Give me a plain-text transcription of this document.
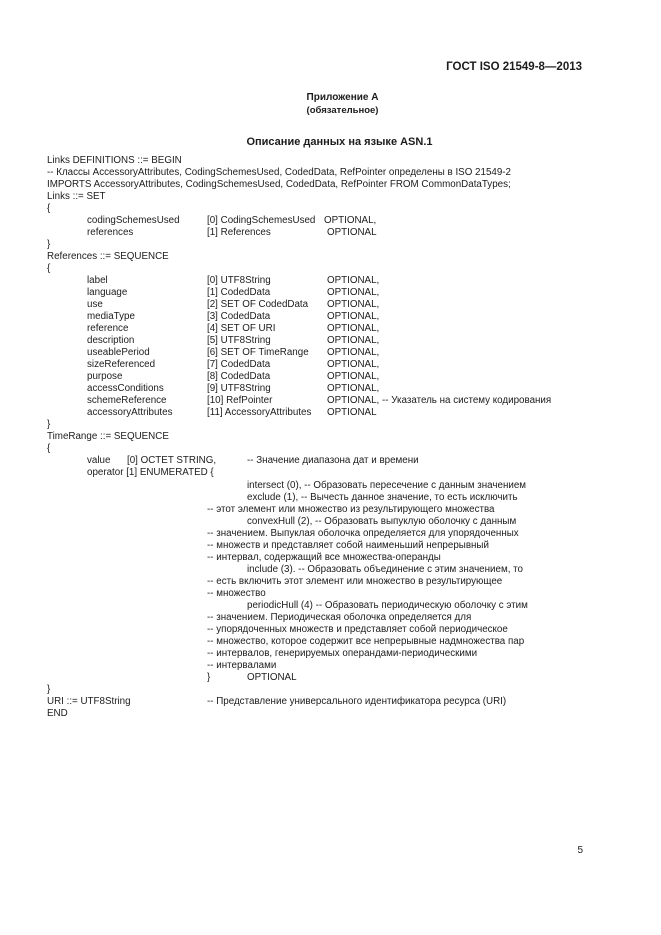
ГОСТ ISO 21549-8—2013
Приложение А
(обязательное)
Описание данных на языке ASN.1
Links DEFINITIONS ::= BEGIN
-- Классы AccessoryAttributes, CodingSchemesUsed, CodedData, RefPointer определены в ISO 21549-2
IMPORTS AccessoryAttributes, CodingSchemesUsed, CodedData, RefPointer FROM CommonDataTypes;
Links ::= SET
{
codingSchemesUsed	[0] CodingSchemesUsed OPTIONAL,
references	[1] References	OPTIONAL
}
References ::= SEQUENCE
{
label	[0] UTF8String	OPTIONAL,
language	[1] CodedData	OPTIONAL,
use	[2] SET OF CodedData OPTIONAL,
mediaType	[3] CodedData	OPTIONAL,
reference	[4] SET OF URI	OPTIONAL,
description	[5] UTF8String	OPTIONAL,
useablePeriod	[6] SET OF TimeRange OPTIONAL,
sizeReferenced	[7] CodedData	OPTIONAL,
purpose	[8] CodedData	OPTIONAL,
accessConditions	[9] UTF8String	OPTIONAL,
schemeReference	[10] RefPointer	OPTIONAL, -- Указатель на систему кодирования
accessoryAttributes	[11] AccessoryAttributes OPTIONAL
}
TimeRange ::= SEQUENCE
{
value [0] OCTET STRING,	-- Значение диапазона дат и времени
operator [1] ENUMERATED {
intersect (0), -- Образовать пересечение с данным значением
exclude (1), -- Вычесть данное значение, то есть исключить
-- этот элемент или множество из результирующего множества
convexHull (2), -- Образовать выпуклую оболочку с данным
-- значением. Выпуклая оболочка определяется для упорядоченных
-- множеств и представляет собой наименьший непрерывный
-- интервал, содержащий все множества-операнды
include (3). -- Образовать объединение с этим значением, то
-- есть включить этот элемент или множество в результирующее
-- множество
periodicHull (4) -- Образовать периодическую оболочку с этим
-- значением. Периодическая оболочка определяется для
-- упорядоченных множеств и представляет собой периодическое
-- множество, которое содержит все непрерывные надмножества пар
-- интервалов, генерируемых операндами-периодическими
-- интервалами
}	OPTIONAL
}
URI ::= UTF8String	-- Представление универсального идентификатора ресурса (URI)
END
5
